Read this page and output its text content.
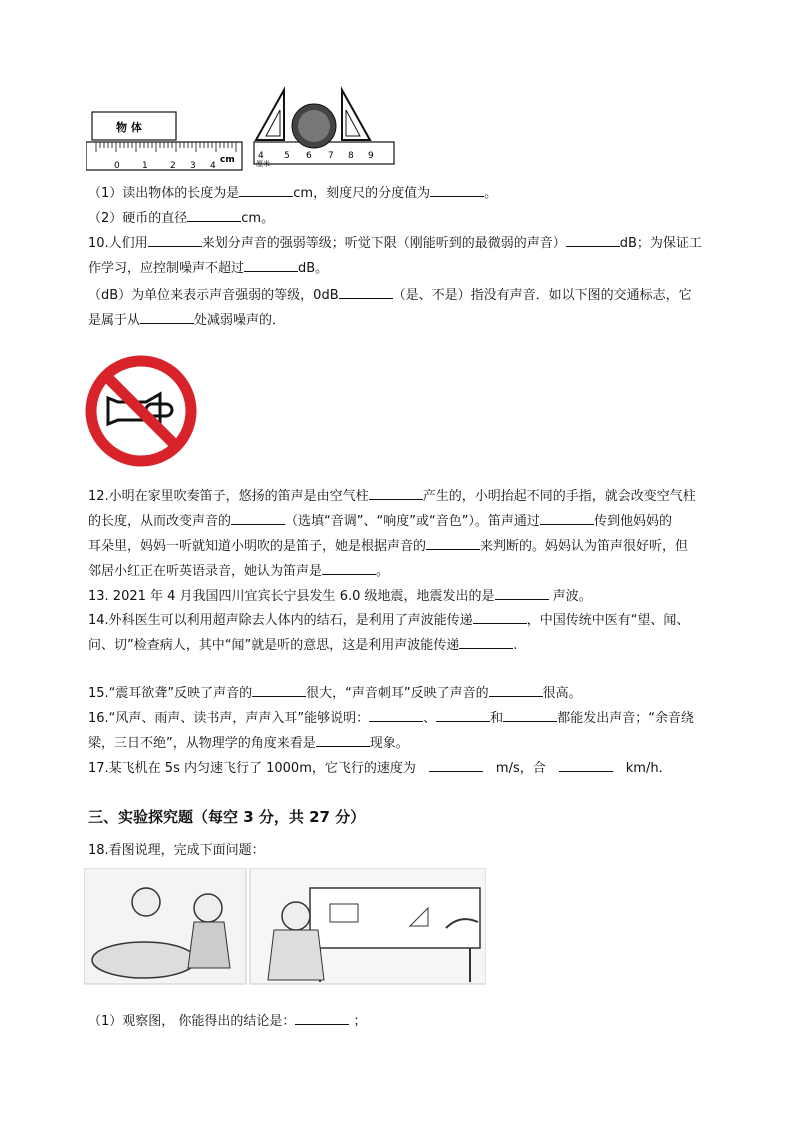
物 体
0 1 2 3 4
cm	4 5 6 7 8 9
厘米
（1）读出物体的长度为是	cm，刻度尺的分度值为	。
（2）硬币的直径	cm。
10.人们用	来划分声音的强弱等级；听觉下限（刚能听到的最微弱的声音）	dB；为保证工
作学习，应控制噪声不超过	dB。
（dB）为单位来表示声音强弱的等级，0dB	（是、不是）指没有声音．如以下图的交通标志，它
是属于从	处减弱噪声的．
12.小明在家里吹奏笛子，悠扬的笛声是由空气柱	产生的，小明抬起不同的手指，就会改变空气柱
的长度，从而改变声音的	（选填“音调”、“响度”或“音色”）。笛声通过	传到他妈妈的
耳朵里，妈妈一听就知道小明吹的是笛子，她是根据声音的	来判断的。妈妈认为笛声很好听，但
邻居小红正在听英语录音，她认为笛声是	。
13. 2021 年 4 月我国四川宜宾长宁县发生 6.0 级地震，地震发出的是	声波。
14.外科医生可以利用超声除去人体内的结石，是利用了声波能传递	，中国传统中医有“望、闻、
问、切”检查病人，其中“闻”就是听的意思，这是利用声波能传递	.
15.“震耳欲聋”反映了声音的	很大，“声音刺耳”反映了声音的	很高。
16.“风声、雨声、读书声，声声入耳”能够说明：	、	和	都能发出声音；“余音绕
梁，三日不绝”，从物理学的角度来看是	现象。
17.某飞机在 5s 内匀速飞行了 1000m，它飞行的速度为　　	m/s，合　　	km/h．
三、实验探究题（每空 3 分，共 27 分）
18.看图说理，完成下面问题：
（1）观察图， 你能得出的结论是：	；
